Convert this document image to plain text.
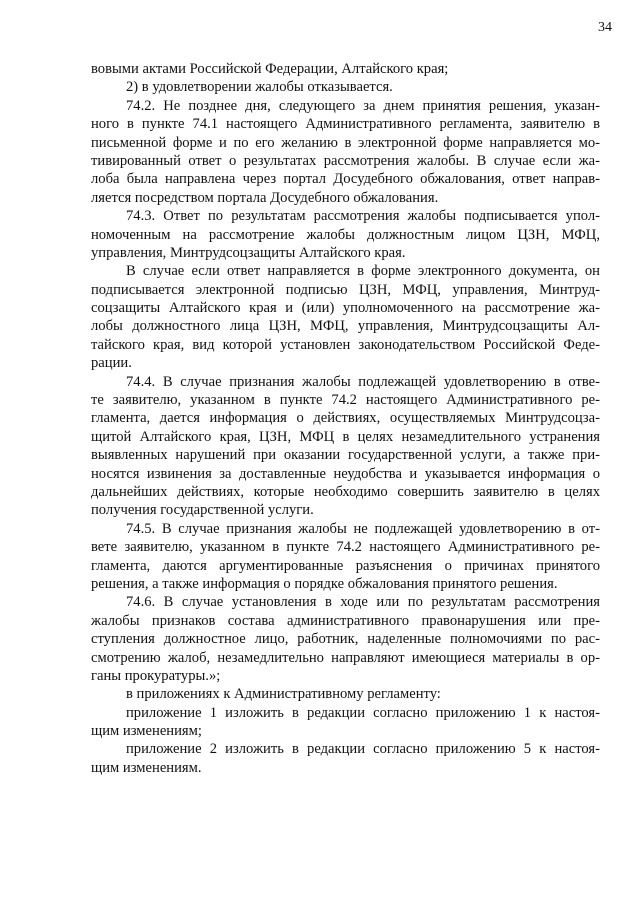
34
вовыми актами Российской Федерации, Алтайского края;
2) в удовлетворении жалобы отказывается.
74.2. Не позднее дня, следующего за днем принятия решения, указан-
ного в пункте 74.1 настоящего Административного регламента, заявителю в
письменной форме и по его желанию в электронной форме направляется мо-
тивированный ответ о результатах рассмотрения жалобы. В случае если жа-
лоба была направлена через портал Досудебного обжалования, ответ направ-
ляется посредством портала Досудебного обжалования.
74.3. Ответ по результатам рассмотрения жалобы подписывается упол-
номоченным на рассмотрение жалобы должностным лицом ЦЗН, МФЦ,
управления, Минтрудсоцзащиты Алтайского края.
В случае если ответ направляется в форме электронного документа, он
подписывается электронной подписью ЦЗН, МФЦ, управления, Минтруд-
соцзащиты Алтайского края и (или) уполномоченного на рассмотрение жа-
лобы должностного лица ЦЗН, МФЦ, управления, Минтрудсоцзащиты Ал-
тайского края, вид которой установлен законодательством Российской Феде-
рации.
74.4. В случае признания жалобы подлежащей удовлетворению в отве-
те заявителю, указанном в пункте 74.2 настоящего Административного ре-
гламента, дается информация о действиях, осуществляемых Минтрудсоцза-
щитой Алтайского края, ЦЗН, МФЦ в целях незамедлительного устранения
выявленных нарушений при оказании государственной услуги, а также при-
носятся извинения за доставленные неудобства и указывается информация о
дальнейших действиях, которые необходимо совершить заявителю в целях
получения государственной услуги.
74.5. В случае признания жалобы не подлежащей удовлетворению в от-
вете заявителю, указанном в пункте 74.2 настоящего Административного ре-
гламента, даются аргументированные разъяснения о причинах принятого
решения, а также информация о порядке обжалования принятого решения.
74.6. В случае установления в ходе или по результатам рассмотрения
жалобы признаков состава административного правонарушения или пре-
ступления должностное лицо, работник, наделенные полномочиями по рас-
смотрению жалоб, незамедлительно направляют имеющиеся материалы в ор-
ганы прокуратуры.»;
в приложениях к Административному регламенту:
приложение 1 изложить в редакции согласно приложению 1 к настоя-
щим изменениям;
приложение 2 изложить в редакции согласно приложению 5 к настоя-
щим изменениям.
